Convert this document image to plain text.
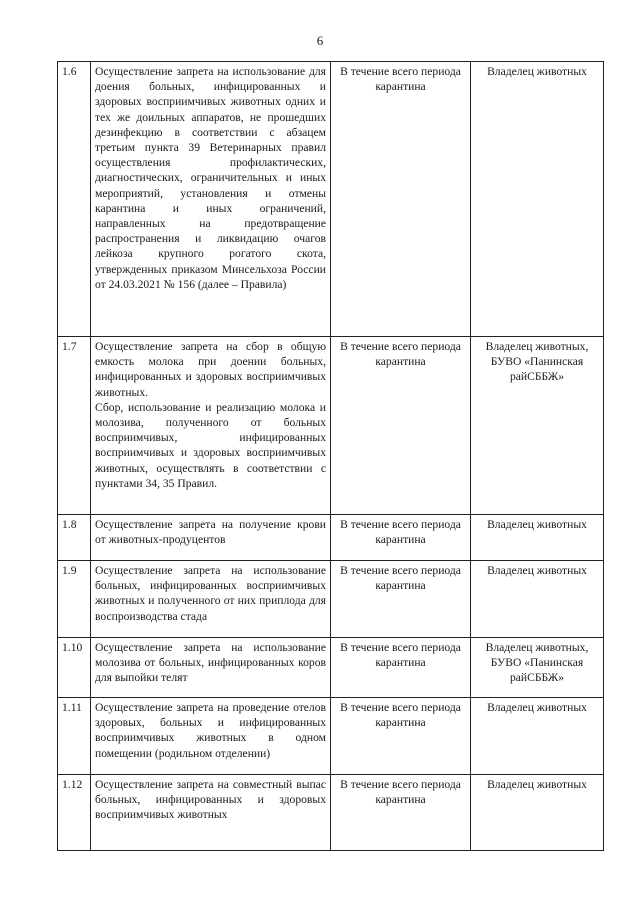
6
1.6	Осуществление запрета на использование для доения больных, инфицированных и здоровых восприимчивых животных одних и тех же доильных аппаратов, не прошедших дезинфекцию в соответствии с абзацем третьим пункта 39 Ветеринарных правил осуществления профилактических, диагностических, ограничительных и иных мероприятий, установления и отмены карантина и иных ограничений, направленных на предотвращение распространения и ликвидацию очагов лейкоза крупного рогатого скота, утвержденных приказом Минсельхоза России от 24.03.2021 № 156 (далее – Правила)	В течение всего периода карантина	Владелец животных
1.7	Осуществление запрета на сбор в общую емкость молока при доении больных, инфицированных и здоровых восприимчивых животных.
Сбор, использование и реализацию молока и молозива, полученного от больных восприимчивых, инфицированных восприимчивых и здоровых восприимчивых животных, осуществлять в соответствии с пунктами 34, 35 Правил.	В течение всего периода карантина	Владелец животных, БУВО «Панинская райСББЖ»
1.8	Осуществление запрета на получение крови от животных-продуцентов	В течение всего периода карантина	Владелец животных
1.9	Осуществление запрета на использование больных, инфицированных восприимчивых животных и полученного от них приплода для воспроизводства стада	В течение всего периода карантина	Владелец животных
1.10	Осуществление запрета на использование молозива от больных, инфицированных коров для выпойки телят	В течение всего периода карантина	Владелец животных, БУВО «Панинская райСББЖ»
1.11	Осуществление запрета на проведение отелов здоровых, больных и инфицированных восприимчивых животных в одном помещении (родильном отделении)	В течение всего периода карантина	Владелец животных
1.12	Осуществление запрета на совместный выпас больных, инфицированных и здоровых восприимчивых животных	В течение всего периода карантина	Владелец животных
